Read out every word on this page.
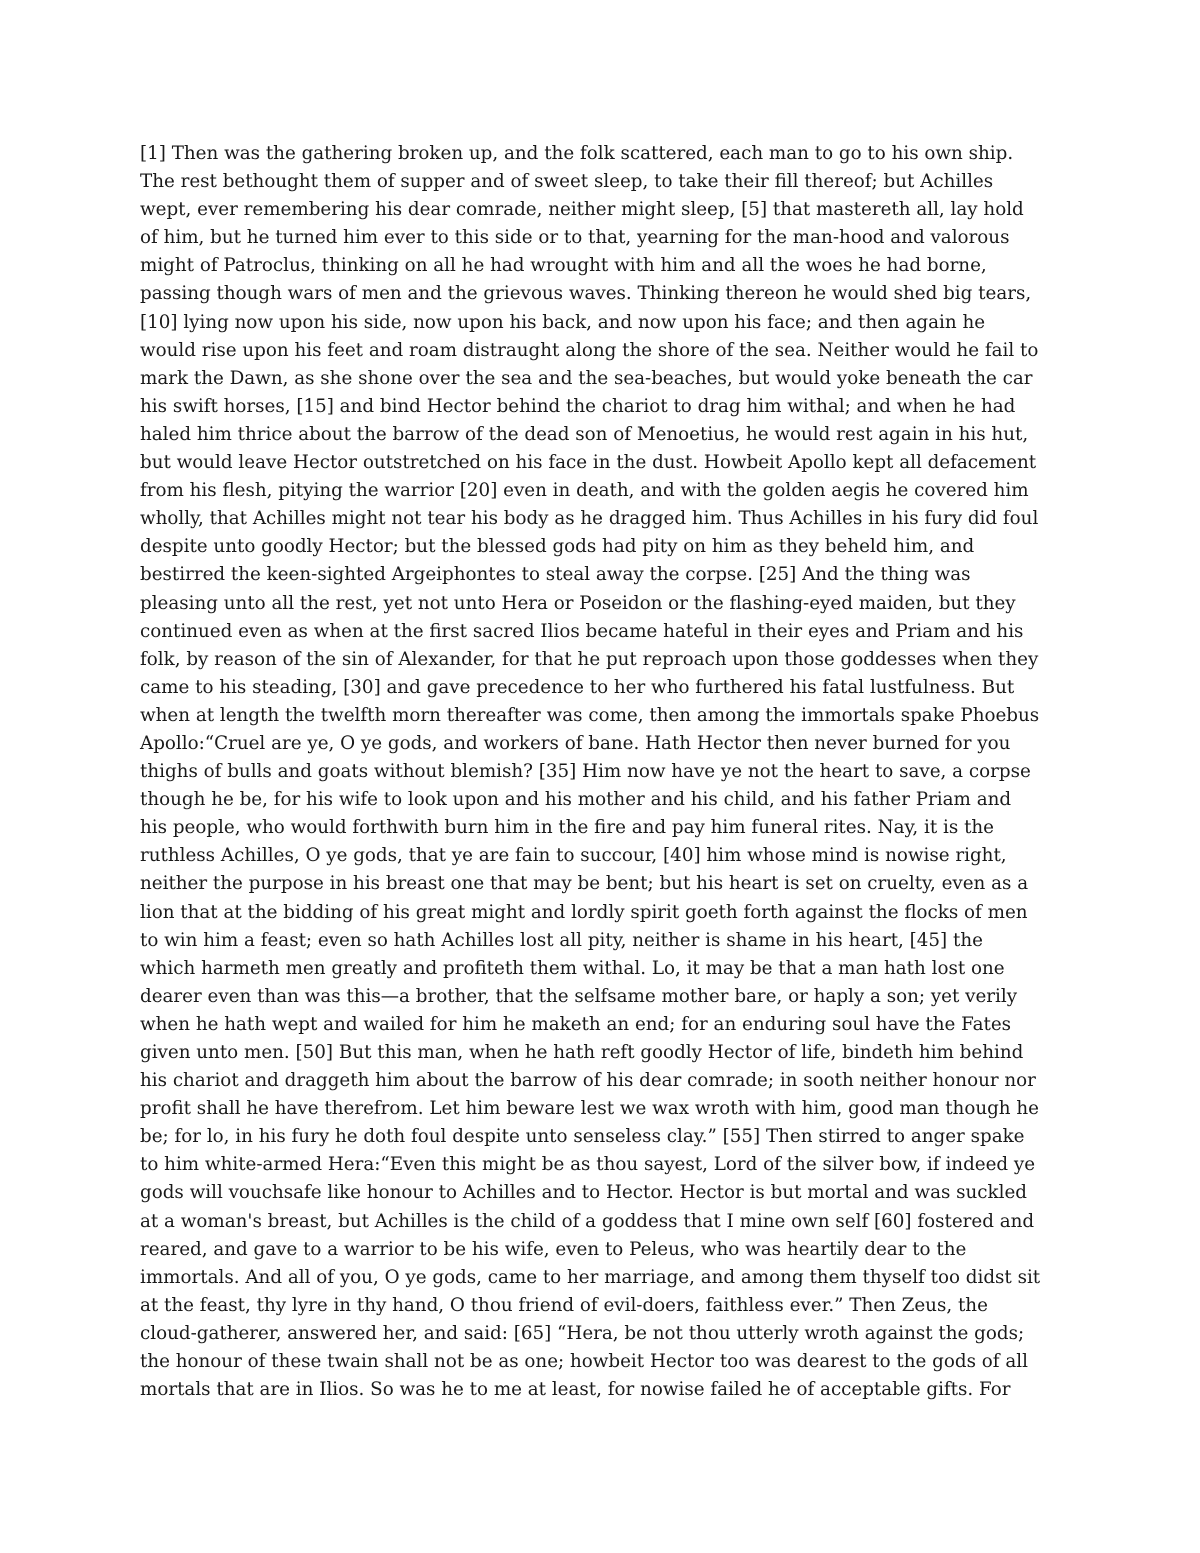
[1] Then was the gathering broken up, and the folk scattered, each man to go to his own ship.
The rest bethought them of supper and of sweet sleep, to take their fill thereof; but Achilles
wept, ever remembering his dear comrade, neither might sleep, [5] that mastereth all, lay hold
of him, but he turned him ever to this side or to that, yearning for the man-hood and valorous
might of Patroclus, thinking on all he had wrought with him and all the woes he had borne,
passing though wars of men and the grievous waves. Thinking thereon he would shed big tears,
[10] lying now upon his side, now upon his back, and now upon his face; and then again he
would rise upon his feet and roam distraught along the shore of the sea. Neither would he fail to
mark the Dawn, as she shone over the sea and the sea-beaches, but would yoke beneath the car
his swift horses, [15] and bind Hector behind the chariot to drag him withal; and when he had
haled him thrice about the barrow of the dead son of Menoetius, he would rest again in his hut,
but would leave Hector outstretched on his face in the dust. Howbeit Apollo kept all defacement
from his flesh, pitying the warrior [20] even in death, and with the golden aegis he covered him
wholly, that Achilles might not tear his body as he dragged him. Thus Achilles in his fury did foul
despite unto goodly Hector; but the blessed gods had pity on him as they beheld him, and
bestirred the keen-sighted Argeiphontes to steal away the corpse. [25] And the thing was
pleasing unto all the rest, yet not unto Hera or Poseidon or the flashing-eyed maiden, but they
continued even as when at the first sacred Ilios became hateful in their eyes and Priam and his
folk, by reason of the sin of Alexander, for that he put reproach upon those goddesses when they
came to his steading, [30] and gave precedence to her who furthered his fatal lustfulness. But
when at length the twelfth morn thereafter was come, then among the immortals spake Phoebus
Apollo:“Cruel are ye, O ye gods, and workers of bane. Hath Hector then never burned for you
thighs of bulls and goats without blemish? [35] Him now have ye not the heart to save, a corpse
though he be, for his wife to look upon and his mother and his child, and his father Priam and
his people, who would forthwith burn him in the fire and pay him funeral rites. Nay, it is the
ruthless Achilles, O ye gods, that ye are fain to succour, [40] him whose mind is nowise right,
neither the purpose in his breast one that may be bent; but his heart is set on cruelty, even as a
lion that at the bidding of his great might and lordly spirit goeth forth against the flocks of men
to win him a feast; even so hath Achilles lost all pity, neither is shame in his heart, [45] the
which harmeth men greatly and profiteth them withal. Lo, it may be that a man hath lost one
dearer even than was this—a brother, that the selfsame mother bare, or haply a son; yet verily
when he hath wept and wailed for him he maketh an end; for an enduring soul have the Fates
given unto men. [50] But this man, when he hath reft goodly Hector of life, bindeth him behind
his chariot and draggeth him about the barrow of his dear comrade; in sooth neither honour nor
profit shall he have therefrom. Let him beware lest we wax wroth with him, good man though he
be; for lo, in his fury he doth foul despite unto senseless clay.” [55] Then stirred to anger spake
to him white-armed Hera:“Even this might be as thou sayest, Lord of the silver bow, if indeed ye
gods will vouchsafe like honour to Achilles and to Hector. Hector is but mortal and was suckled
at a woman's breast, but Achilles is the child of a goddess that I mine own self [60] fostered and
reared, and gave to a warrior to be his wife, even to Peleus, who was heartily dear to the
immortals. And all of you, O ye gods, came to her marriage, and among them thyself too didst sit
at the feast, thy lyre in thy hand, O thou friend of evil-doers, faithless ever.” Then Zeus, the
cloud-gatherer, answered her, and said: [65] “Hera, be not thou utterly wroth against the gods;
the honour of these twain shall not be as one; howbeit Hector too was dearest to the gods of all
mortals that are in Ilios. So was he to me at least, for nowise failed he of acceptable gifts. For
